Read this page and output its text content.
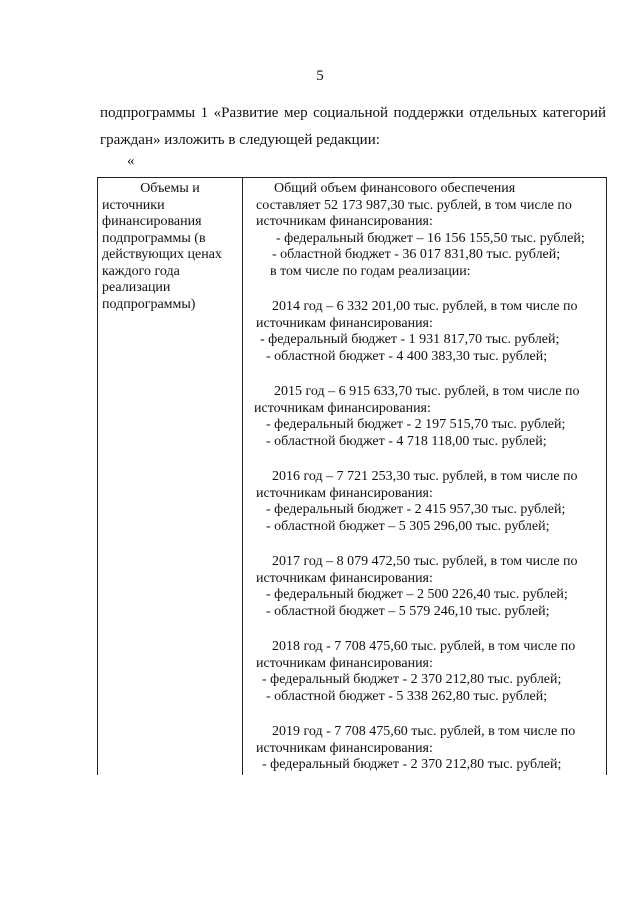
5
подпрограммы 1 «Развитие мер социальной поддержки отдельных категорий
граждан» изложить в следующей редакции:
«
Объемы и
источники
финансирования
подпрограммы (в
действующих ценах
каждого года
реализации
подпрограммы)
Общий объем финансового обеспечения
составляет 52 173 987,30 тыс. рублей, в том числе по
источникам финансирования:
- федеральный бюджет – 16 156 155,50 тыс. рублей;
- областной бюджет - 36 017 831,80 тыс. рублей;
в том числе по годам реализации:
2014 год – 6 332 201,00 тыс. рублей, в том числе по
источникам финансирования:
- федеральный бюджет - 1 931 817,70 тыс. рублей;
- областной бюджет - 4 400 383,30 тыс. рублей;
2015 год – 6 915 633,70 тыс. рублей, в том числе по
источникам финансирования:
- федеральный бюджет - 2 197 515,70 тыс. рублей;
- областной бюджет - 4 718 118,00 тыс. рублей;
2016 год – 7 721 253,30 тыс. рублей, в том числе по
источникам финансирования:
- федеральный бюджет - 2 415 957,30 тыс. рублей;
- областной бюджет – 5 305 296,00 тыс. рублей;
2017 год – 8 079 472,50 тыс. рублей, в том числе по
источникам финансирования:
- федеральный бюджет – 2 500 226,40 тыс. рублей;
- областной бюджет – 5 579 246,10 тыс. рублей;
2018 год - 7 708 475,60 тыс. рублей, в том числе по
источникам финансирования:
- федеральный бюджет - 2 370 212,80 тыс. рублей;
- областной бюджет - 5 338 262,80 тыс. рублей;
2019 год - 7 708 475,60 тыс. рублей, в том числе по
источникам финансирования:
- федеральный бюджет - 2 370 212,80 тыс. рублей;
